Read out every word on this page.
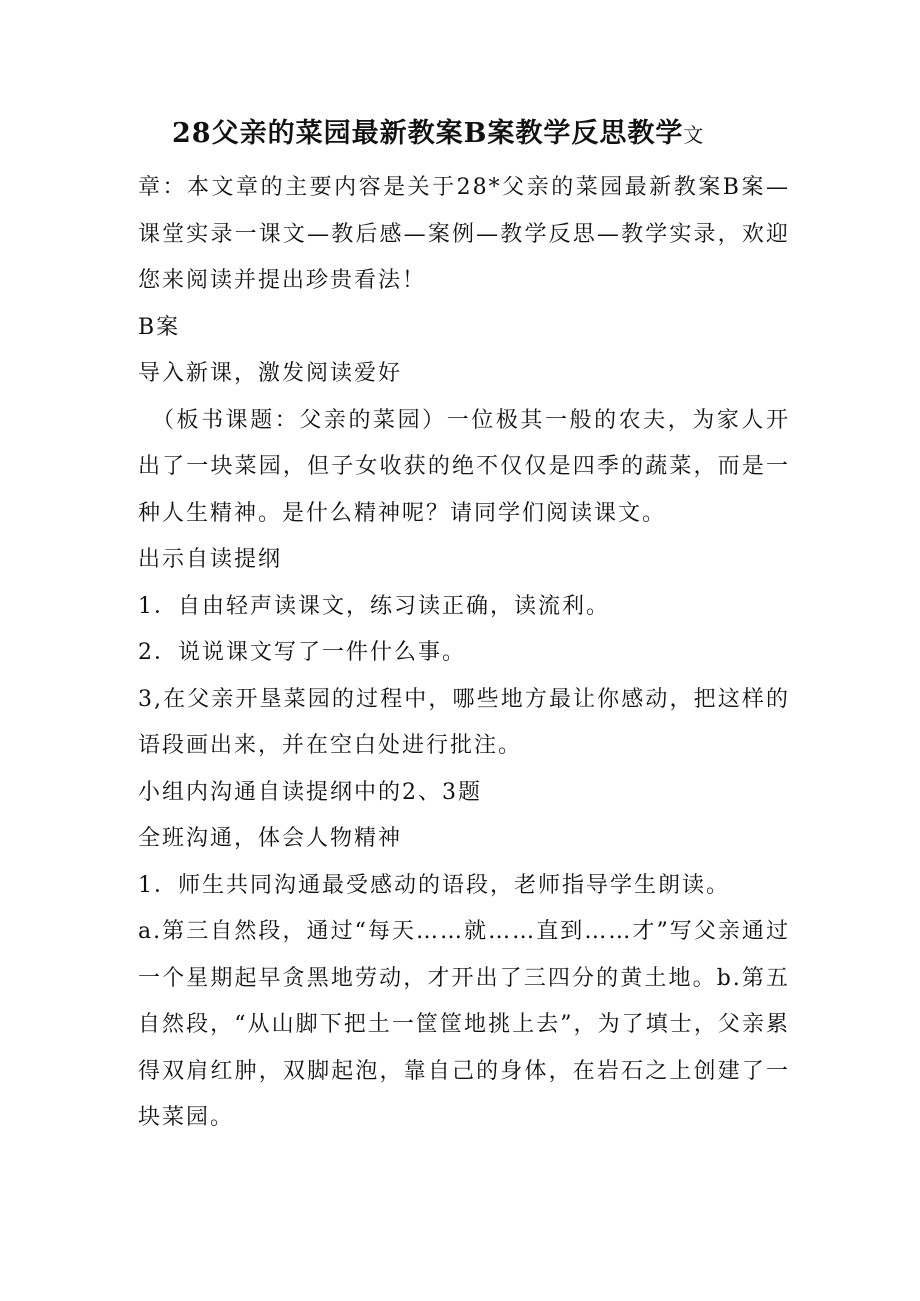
28父亲的菜园最新教案B案教学反思教学文

章：本文章的主要内容是关于28*父亲的菜园最新教案B案—课堂实录一课文—教后感—案例—教学反思—教学实录，欢迎您来阅读并提出珍贵看法！

B案

导入新课，激发阅读爱好

（板书课题：父亲的菜园）一位极其一般的农夫，为家人开出了一块菜园，但子女收获的绝不仅仅是四季的蔬菜，而是一种人生精神。是什么精神呢？请同学们阅读课文。

出示自读提纲

1．自由轻声读课文，练习读正确，读流利。

2．说说课文写了一件什么事。

3,在父亲开垦菜园的过程中，哪些地方最让你感动，把这样的语段画出来，并在空白处进行批注。

小组内沟通自读提纲中的2、3题

全班沟通，体会人物精神

1．师生共同沟通最受感动的语段，老师指导学生朗读。

a.第三自然段，通过“每天……就……直到……才”写父亲通过一个星期起早贪黑地劳动，才开出了三四分的黄土地。b.第五自然段，“从山脚下把土一筐筐地挑上去”，为了填士，父亲累得双肩红肿，双脚起泡，靠自己的身体，在岩石之上创建了一块菜园。
